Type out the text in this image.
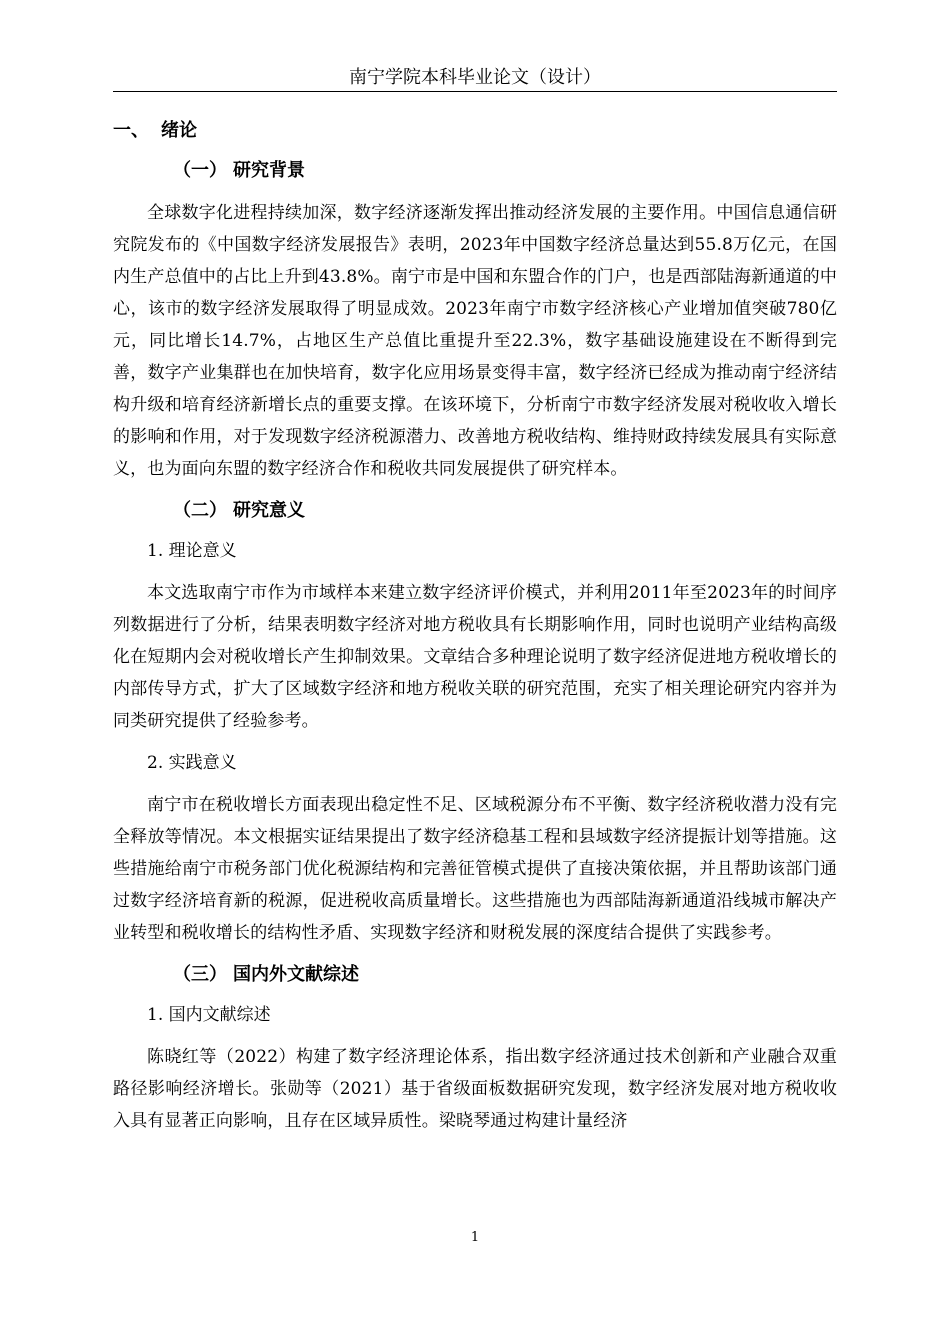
南宁学院本科毕业论文（设计）
一、 绪论
（一） 研究背景

全球数字化进程持续加深，数字经济逐渐发挥出推动经济发展的主要作用。中国信息通信研究院发布的《中国数字经济发展报告》表明，2023年中国数字经济总量达到55.8万亿元，在国内生产总值中的占比上升到43.8%。南宁市是中国和东盟合作的门户，也是西部陆海新通道的中心，该市的数字经济发展取得了明显成效。2023年南宁市数字经济核心产业增加值突破780亿元，同比增长14.7%，占地区生产总值比重提升至22.3%，数字基础设施建设在不断得到完善，数字产业集群也在加快培育，数字化应用场景变得丰富，数字经济已经成为推动南宁经济结构升级和培育经济新增长点的重要支撑。在该环境下，分析南宁市数字经济发展对税收收入增长的影响和作用，对于发现数字经济税源潜力、改善地方税收结构、维持财政持续发展具有实际意义，也为面向东盟的数字经济合作和税收共同发展提供了研究样本。

（二） 研究意义
1. 理论意义

本文选取南宁市作为市域样本来建立数字经济评价模式，并利用2011年至2023年的时间序列数据进行了分析，结果表明数字经济对地方税收具有长期影响作用，同时也说明产业结构高级化在短期内会对税收增长产生抑制效果。文章结合多种理论说明了数字经济促进地方税收增长的内部传导方式，扩大了区域数字经济和地方税收关联的研究范围，充实了相关理论研究内容并为同类研究提供了经验参考。

2. 实践意义

南宁市在税收增长方面表现出稳定性不足、区域税源分布不平衡、数字经济税收潜力没有完全释放等情况。本文根据实证结果提出了数字经济稳基工程和县域数字经济提振计划等措施。这些措施给南宁市税务部门优化税源结构和完善征管模式提供了直接决策依据，并且帮助该部门通过数字经济培育新的税源，促进税收高质量增长。这些措施也为西部陆海新通道沿线城市解决产业转型和税收增长的结构性矛盾、实现数字经济和财税发展的深度结合提供了实践参考。

（三） 国内外文献综述
1. 国内文献综述

陈晓红等（2022）构建了数字经济理论体系，指出数字经济通过技术创新和产业融合双重路径影响经济增长。张勋等（2021）基于省级面板数据研究发现，数字经济发展对地方税收收入具有显著正向影响，且存在区域异质性。梁晓琴通过构建计量经济

1
